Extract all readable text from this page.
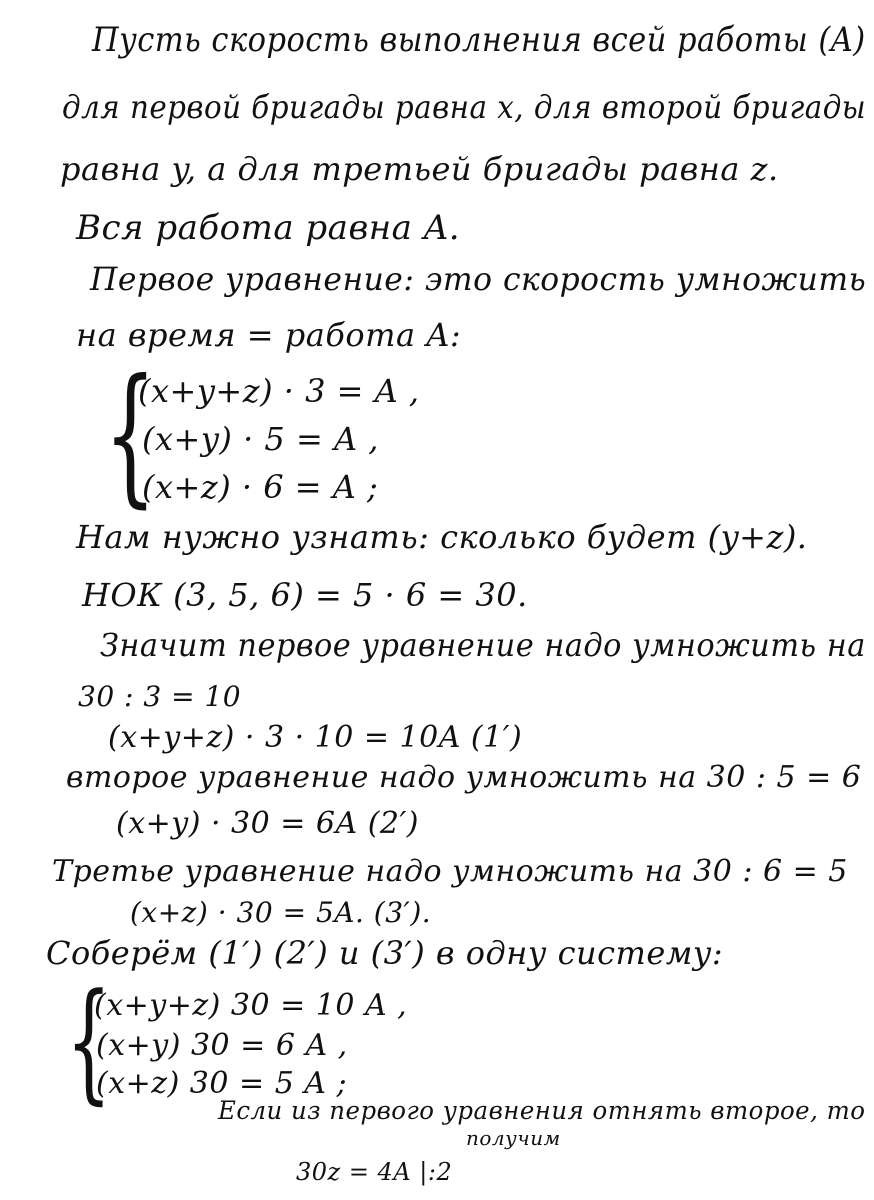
Пусть скорость выполнения всей работы (A)
для первой бригады равна x, для второй бригады
равна y, а для третьей бригады равна z.
Вся работа равна A.
Первое уравнение: это скорость умножить
на время = работа A:
{
(x+y+z) · 3 = A ,
(x+y) · 5 = A ,
(x+z) · 6 = A ;
Нам нужно узнать: сколько будет (y+z).
НОК (3, 5, 6) = 5 · 6 = 30.
Значит первое уравнение надо умножить на
30 : 3 = 10
(x+y+z) · 3 · 10 = 10A (1′)
второе уравнение надо умножить на 30 : 5 = 6
(x+y) · 30 = 6A (2′)
Третье уравнение надо умножить на 30 : 6 = 5
(x+z) · 30 = 5A. (3′).
Соберём (1′) (2′) и (3′) в одну систему:
{
(x+y+z) 30 = 10 A ,
(x+y) 30 = 6 A ,
(x+z) 30 = 5 A ;
Если из первого уравнения отнять второе, то
получим
30z = 4A |:2
